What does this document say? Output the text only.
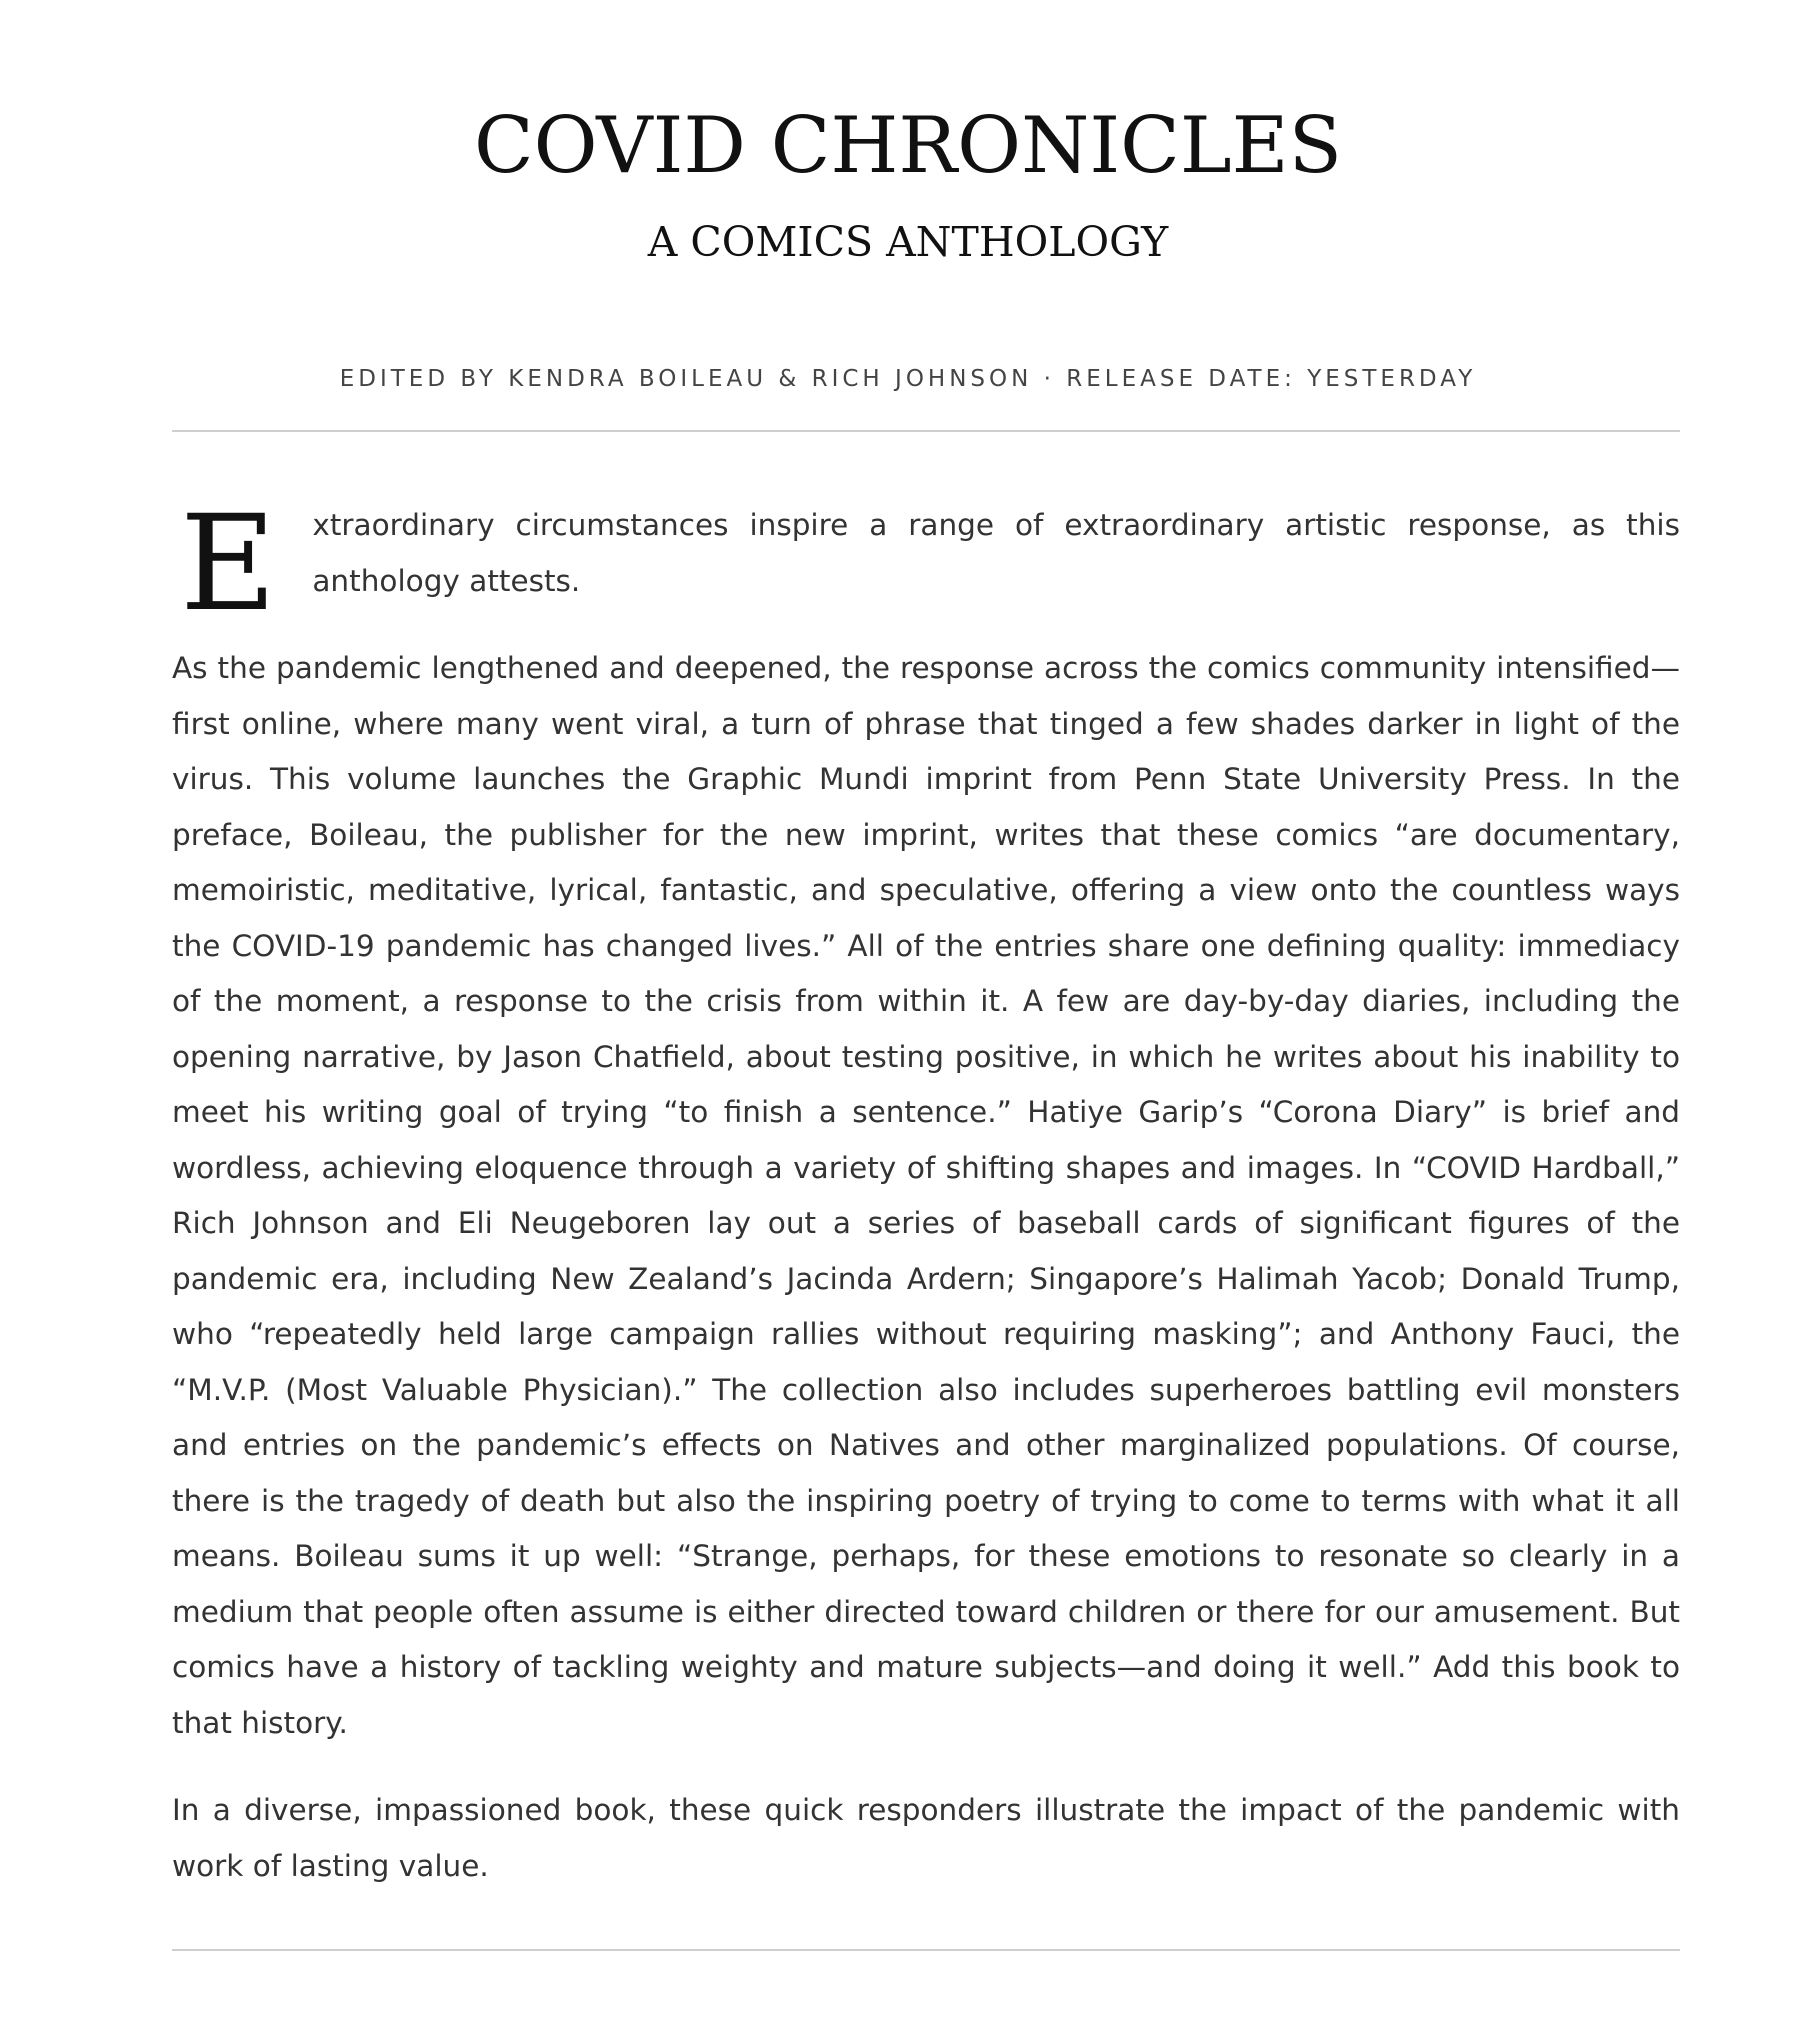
COVID CHRONICLES
A COMICS ANTHOLOGY
EDITED BY KENDRA BOILEAU & RICH JOHNSON · RELEASE DATE: YESTERDAY

E xtraordinary circumstances inspire a range of extraordinary artistic response, as this anthology attests.

As the pandemic lengthened and deepened, the response across the comics community intensified—first online, where many went viral, a turn of phrase that tinged a few shades darker in light of the virus. This volume launches the Graphic Mundi imprint from Penn State University Press. In the preface, Boileau, the publisher for the new imprint, writes that these comics “are documentary, memoiristic, meditative, lyrical, fantastic, and speculative, offering a view onto the countless ways the COVID-19 pandemic has changed lives.” All of the entries share one defining quality: immediacy of the moment, a response to the crisis from within it. A few are day-by-day diaries, including the opening narrative, by Jason Chatfield, about testing positive, in which he writes about his inability to meet his writing goal of trying “to finish a sentence.” Hatiye Garip’s “Corona Diary” is brief and wordless, achieving eloquence through a variety of shifting shapes and images. In “COVID Hardball,” Rich Johnson and Eli Neugeboren lay out a series of baseball cards of significant figures of the pandemic era, including New Zealand’s Jacinda Ardern; Singapore’s Halimah Yacob; Donald Trump, who “repeatedly held large campaign rallies without requiring masking”; and Anthony Fauci, the “M.V.P. (Most Valuable Physician).” The collection also includes superheroes battling evil monsters and entries on the pandemic’s effects on Natives and other marginalized populations. Of course, there is the tragedy of death but also the inspiring poetry of trying to come to terms with what it all means. Boileau sums it up well: “Strange, perhaps, for these emotions to resonate so clearly in a medium that people often assume is either directed toward children or there for our amusement. But comics have a history of tackling weighty and mature subjects—and doing it well.” Add this book to that history.

In a diverse, impassioned book, these quick responders illustrate the impact of the pandemic with work of lasting value.
